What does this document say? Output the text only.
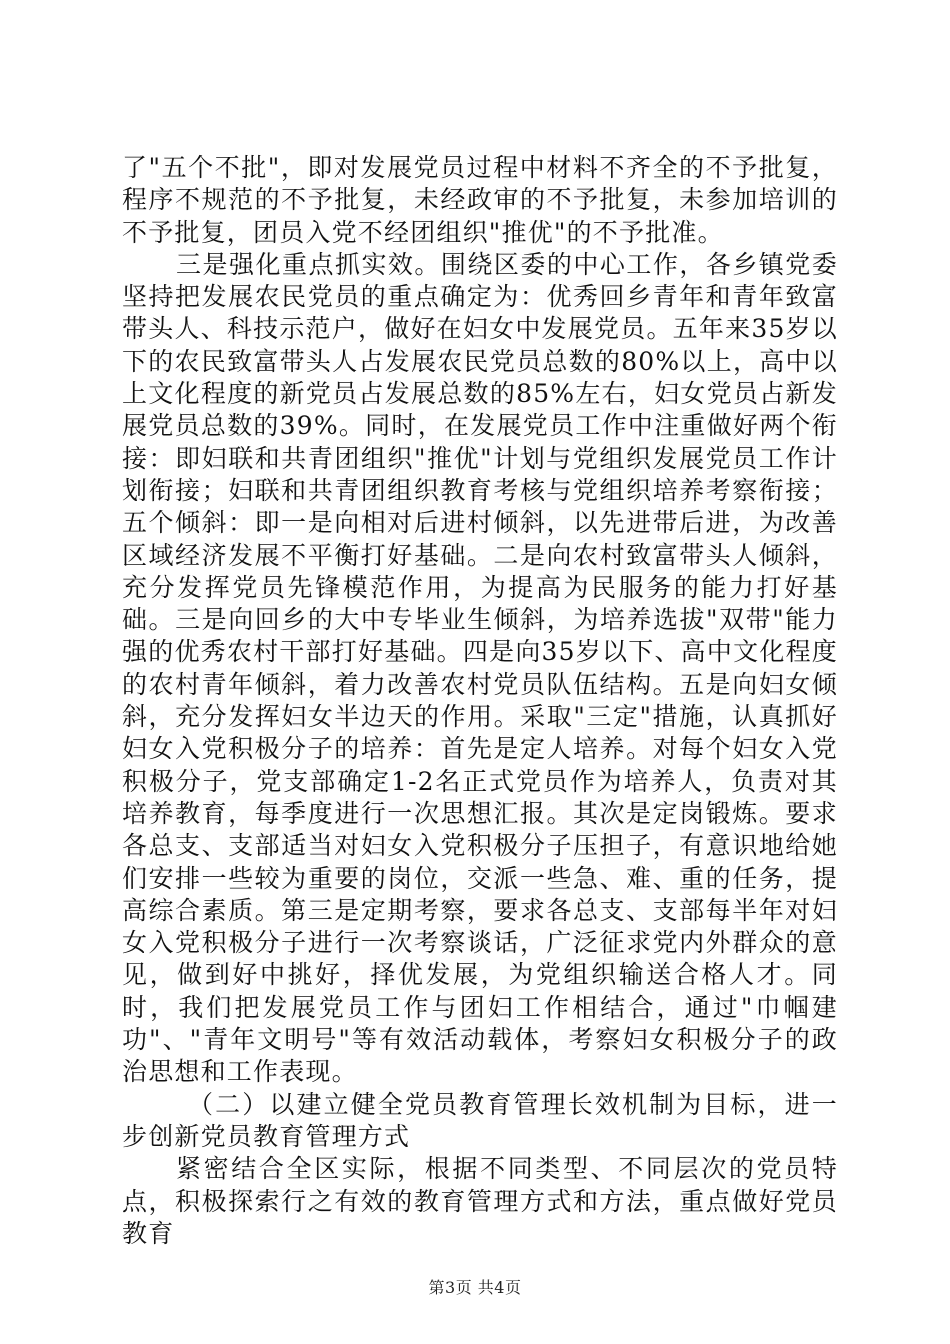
了"五个不批"，即对发展党员过程中材料不齐全的不予批复，程序不规范的不予批复，未经政审的不予批复，未参加培训的不予批复，团员入党不经团组织"推优"的不予批准。

三是强化重点抓实效。围绕区委的中心工作，各乡镇党委坚持把发展农民党员的重点确定为：优秀回乡青年和青年致富带头人、科技示范户，做好在妇女中发展党员。五年来35岁以下的农民致富带头人占发展农民党员总数的80%以上，高中以上文化程度的新党员占发展总数的85%左右，妇女党员占新发展党员总数的39%。同时，在发展党员工作中注重做好两个衔接：即妇联和共青团组织"推优"计划与党组织发展党员工作计划衔接；妇联和共青团组织教育考核与党组织培养考察衔接；五个倾斜：即一是向相对后进村倾斜，以先进带后进，为改善区域经济发展不平衡打好基础。二是向农村致富带头人倾斜，充分发挥党员先锋模范作用，为提高为民服务的能力打好基础。三是向回乡的大中专毕业生倾斜，为培养选拔"双带"能力强的优秀农村干部打好基础。四是向35岁以下、高中文化程度的农村青年倾斜，着力改善农村党员队伍结构。五是向妇女倾斜，充分发挥妇女半边天的作用。采取"三定"措施，认真抓好妇女入党积极分子的培养：首先是定人培养。对每个妇女入党积极分子，党支部确定1-2名正式党员作为培养人，负责对其培养教育，每季度进行一次思想汇报。其次是定岗锻炼。要求各总支、支部适当对妇女入党积极分子压担子，有意识地给她们安排一些较为重要的岗位，交派一些急、难、重的任务，提高综合素质。第三是定期考察，要求各总支、支部每半年对妇女入党积极分子进行一次考察谈话，广泛征求党内外群众的意见，做到好中挑好，择优发展，为党组织输送合格人才。同时，我们把发展党员工作与团妇工作相结合，通过"巾帼建功"、"青年文明号"等有效活动载体，考察妇女积极分子的政治思想和工作表现。

（二）以建立健全党员教育管理长效机制为目标，进一步创新党员教育管理方式

紧密结合全区实际，根据不同类型、不同层次的党员特点，积极探索行之有效的教育管理方式和方法，重点做好党员教育

第3页 共4页
